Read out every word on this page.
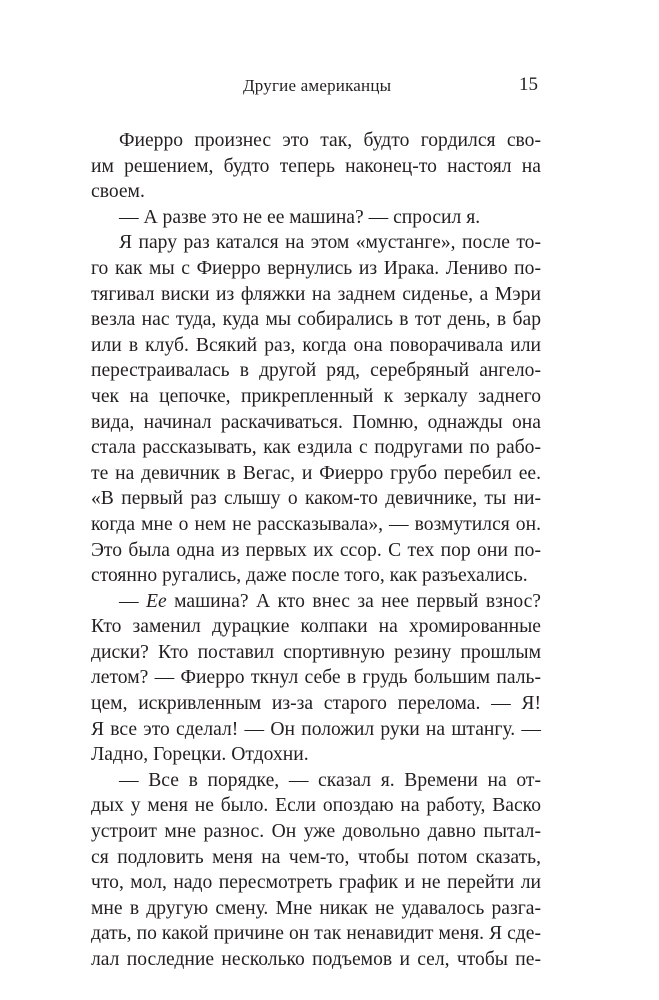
Другие американцы	15
Фиерро произнес это так, будто гордился сво-
им решением, будто теперь наконец-то настоял на
своем.
— А разве это не ее машина? — спросил я.
Я пару раз катался на этом «мустанге», после то-
го как мы с Фиерро вернулись из Ирака. Лениво по-
тягивал виски из фляжки на заднем сиденье, а Мэри
везла нас туда, куда мы собирались в тот день, в бар
или в клуб. Всякий раз, когда она поворачивала или
перестраивалась в другой ряд, серебряный ангело-
чек на цепочке, прикрепленный к зеркалу заднего
вида, начинал раскачиваться. Помню, однажды она
стала рассказывать, как ездила с подругами по рабо-
те на девичник в Вегас, и Фиерро грубо перебил ее.
«В первый раз слышу о каком-то девичнике, ты ни-
когда мне о нем не рассказывала», — возмутился он.
Это была одна из первых их ссор. С тех пор они по-
стоянно ругались, даже после того, как разъехались.
— Ее машина? А кто внес за нее первый взнос?
Кто заменил дурацкие колпаки на хромированные
диски? Кто поставил спортивную резину прошлым
летом? — Фиерро ткнул себе в грудь большим паль-
цем, искривленным из-за старого перелома. — Я!
Я все это сделал! — Он положил руки на штангу. —
Ладно, Горецки. Отдохни.
— Все в порядке, — сказал я. Времени на от-
дых у меня не было. Если опоздаю на работу, Васко
устроит мне разнос. Он уже довольно давно пытал-
ся подловить меня на чем-то, чтобы потом сказать,
что, мол, надо пересмотреть график и не перейти ли
мне в другую смену. Мне никак не удавалось разга-
дать, по какой причине он так ненавидит меня. Я сде-
лал последние несколько подъемов и сел, чтобы пе-
